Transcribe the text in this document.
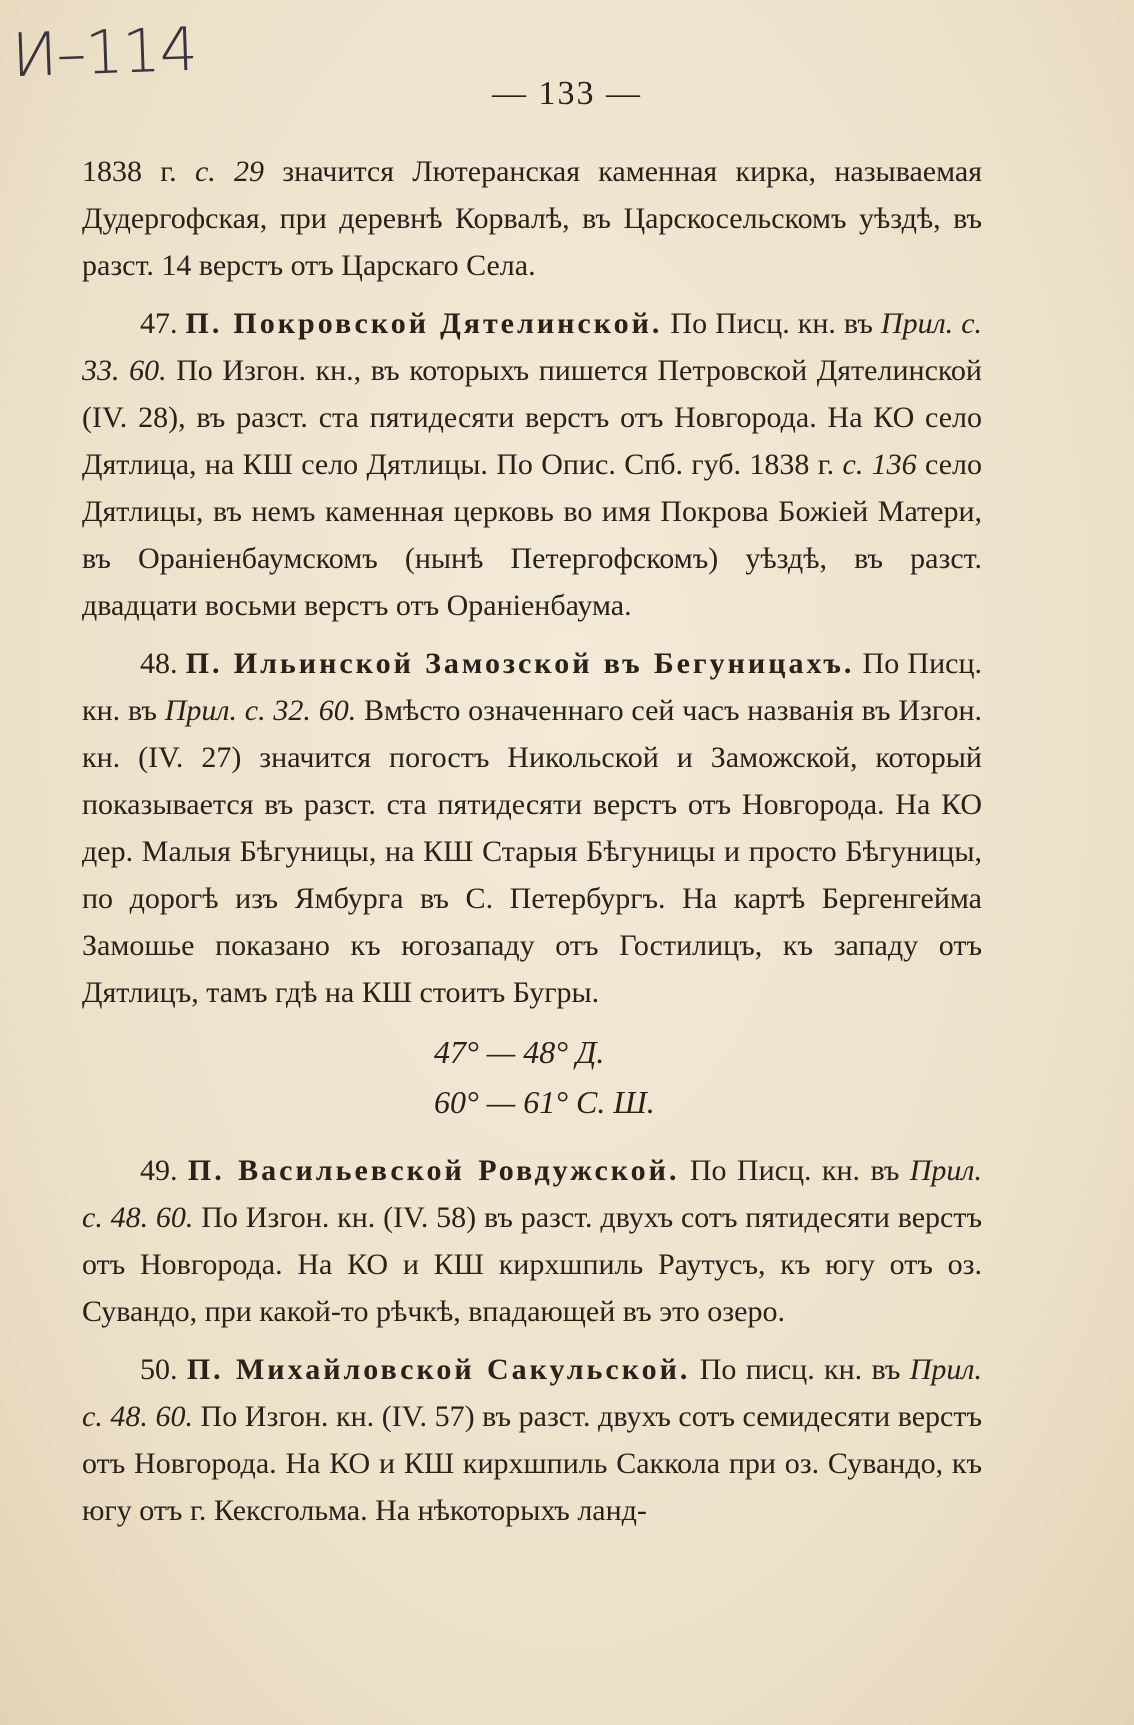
И–114
— 133 —

1838 г. с. 29 значится Лютеранская каменная кирка, называемая Дудергофская, при деревнѣ Корвалѣ, въ Царскосельскомъ уѣздѣ, въ разст. 14 верстъ отъ Царскаго Села.

47. П. Покровской Дятелинской. По Писц. кн. въ Прил. с. 33. 60. По Изгон. кн., въ которыхъ пишется Петровской Дятелинской (IV. 28), въ разст. ста пятидесяти верстъ отъ Новгорода. На КО село Дятлица, на КШ село Дятлицы. По Опис. Спб. губ. 1838 г. с. 136 село Дятлицы, въ немъ каменная церковь во имя Покрова Божіей Матери, въ Ораніенбаумскомъ (нынѣ Петергофскомъ) уѣздѣ, въ разст. двадцати восьми верстъ отъ Ораніенбаума.

48. П. Ильинской Замозской въ Бегуницахъ. По Писц. кн. въ Прил. с. 32. 60. Вмѣсто означеннаго сей часъ названія въ Изгон. кн. (IV. 27) значится погостъ Никольской и Заможской, который показывается въ разст. ста пятидесяти верстъ отъ Новгорода. На КО дер. Малыя Бѣгуницы, на КШ Старыя Бѣгуницы и просто Бѣгуницы, по дорогѣ изъ Ямбурга въ С. Петербургъ. На картѣ Бергенгейма Замошье показано къ югозападу отъ Гостилицъ, къ западу отъ Дятлицъ, тамъ гдѣ на КШ стоитъ Бугры.

47° — 48° Д.
60° — 61° С. Ш.

49. П. Васильевской Ровдужской. По Писц. кн. въ Прил. с. 48. 60. По Изгон. кн. (IV. 58) въ разст. двухъ сотъ пятидесяти верстъ отъ Новгорода. На КО и КШ кирхшпиль Раутусъ, къ югу отъ оз. Сувандо, при какой-то рѣчкѣ, впадающей въ это озеро.

50. П. Михайловской Сакульской. По писц. кн. въ Прил. с. 48. 60. По Изгон. кн. (IV. 57) въ разст. двухъ сотъ семидесяти верстъ отъ Новгорода. На КО и КШ кирхшпиль Саккола при оз. Сувандо, къ югу отъ г. Кексгольма. На нѣкоторыхъ ланд-
